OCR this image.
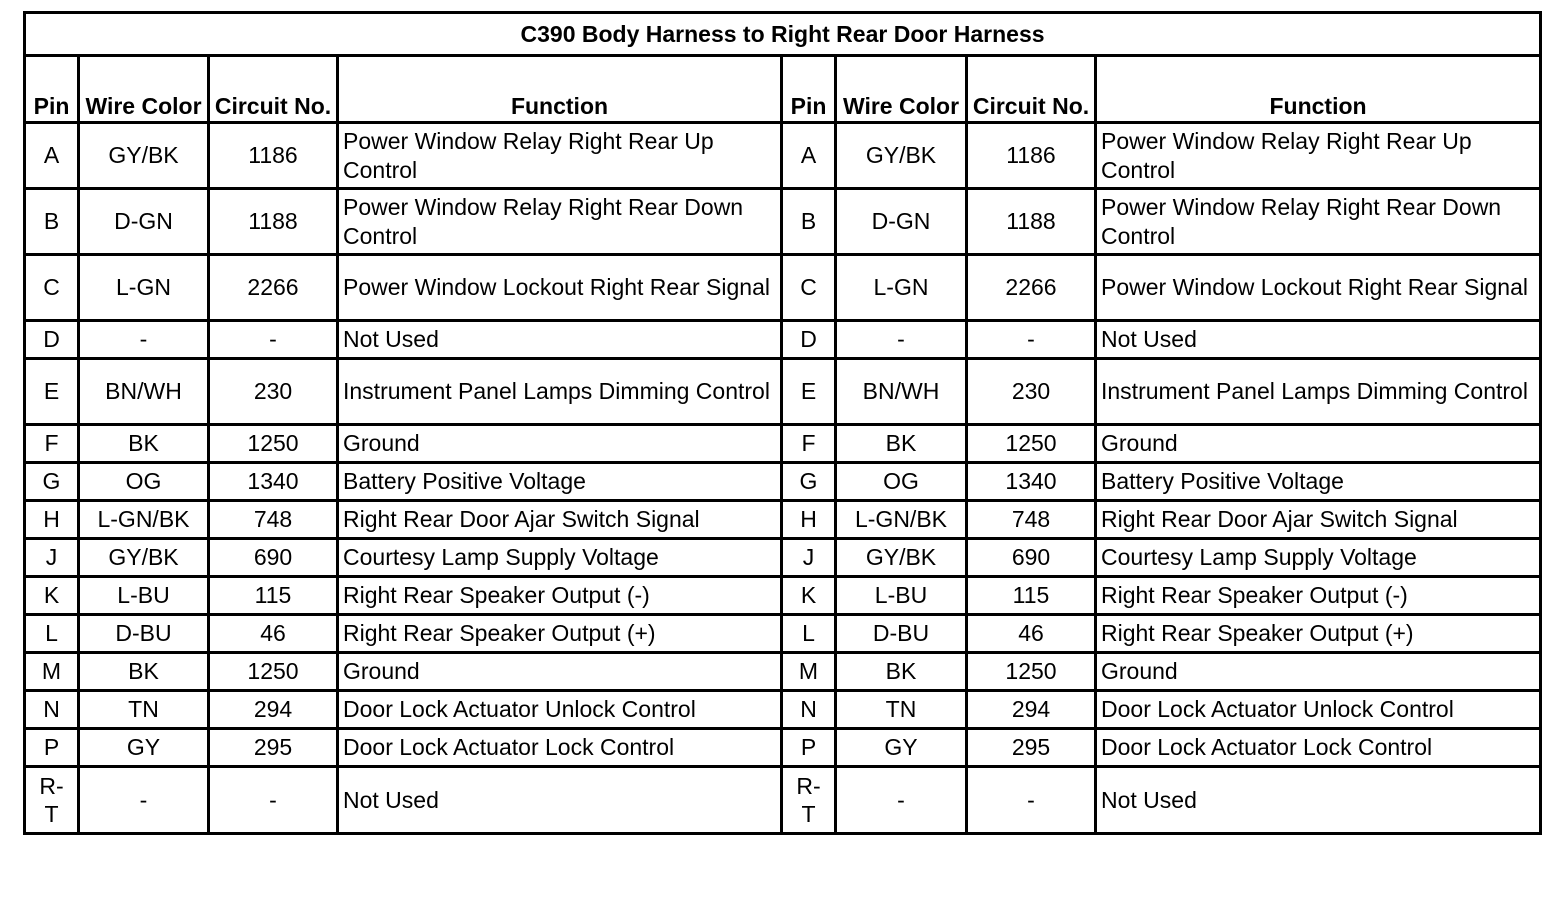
C390 Body Harness to Right Rear Door Harness							
Pin	Wire Color	Circuit No.	Function	Pin	Wire Color	Circuit No.	Function
A	GY/BK	1186	Power Window Relay Right Rear Up Control	A	GY/BK	1186	Power Window Relay Right Rear Up Control
B	D-GN	1188	Power Window Relay Right Rear Down Control	B	D-GN	1188	Power Window Relay Right Rear Down Control
C	L-GN	2266	Power Window Lockout Right Rear Signal	C	L-GN	2266	Power Window Lockout Right Rear Signal
D	-	-	Not Used	D	-	-	Not Used
E	BN/WH	230	Instrument Panel Lamps Dimming Control	E	BN/WH	230	Instrument Panel Lamps Dimming Control
F	BK	1250	Ground	F	BK	1250	Ground
G	OG	1340	Battery Positive Voltage	G	OG	1340	Battery Positive Voltage
H	L-GN/BK	748	Right Rear Door Ajar Switch Signal	H	L-GN/BK	748	Right Rear Door Ajar Switch Signal
J	GY/BK	690	Courtesy Lamp Supply Voltage	J	GY/BK	690	Courtesy Lamp Supply Voltage
K	L-BU	115	Right Rear Speaker Output (-)	K	L-BU	115	Right Rear Speaker Output (-)
L	D-BU	46	Right Rear Speaker Output (+)	L	D-BU	46	Right Rear Speaker Output (+)
M	BK	1250	Ground	M	BK	1250	Ground
N	TN	294	Door Lock Actuator Unlock Control	N	TN	294	Door Lock Actuator Unlock Control
P	GY	295	Door Lock Actuator Lock Control	P	GY	295	Door Lock Actuator Lock Control
R-T	-	-	Not Used	R-T	-	-	Not Used
